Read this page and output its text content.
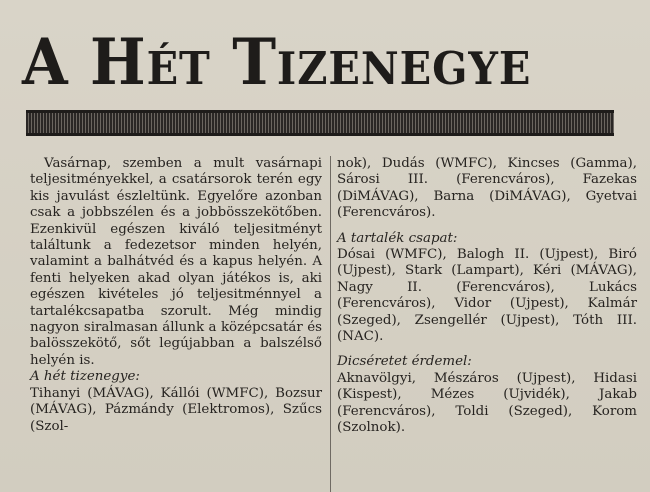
A Hét Tizenegye

Vasárnap, szemben a mult vasárnapi teljesitményekkel, a csatársorok terén egy kis javulást észleltünk. Egyelőre azonban csak a jobbszélen és a jobbösszekötőben. Ezenkivül egészen kiváló teljesitményt találtunk a fedezetsor minden helyén, valamint a balhátvéd és a kapus helyén. A fenti helyeken akad olyan játékos is, aki egészen kivételes jó teljesitménnyel a tartalékcsapatba szorult. Még mindig nagyon siralmasan állunk a középcsatár és balösszekötő, sőt legújabban a balszélső helyén is.

A hét tizenegye:

Tihanyi (MÁVAG), Kállói (WMFC), Bozsur (MÁVAG), Pázmándy (Elektromos), Szűcs (Szol-

nok), Dudás (WMFC), Kincses (Gamma), Sárosi III. (Ferencváros), Fazekas (DiMÁVAG), Barna (DiMÁVAG), Gyetvai (Ferencváros).

A tartalék csapat:

Dósai (WMFC), Balogh II. (Ujpest), Biró (Ujpest), Stark (Lampart), Kéri (MÁVAG), Nagy II. (Ferencváros), Lukács (Ferencváros), Vidor (Ujpest), Kalmár (Szeged), Zsengellér (Ujpest), Tóth III. (NAC).

Dicséretet érdemel:

Aknavölgyi, Mészáros (Ujpest), Hidasi (Kispest), Mézes (Ujvidék), Jakab (Ferencváros), Toldi (Szeged), Korom (Szolnok).
